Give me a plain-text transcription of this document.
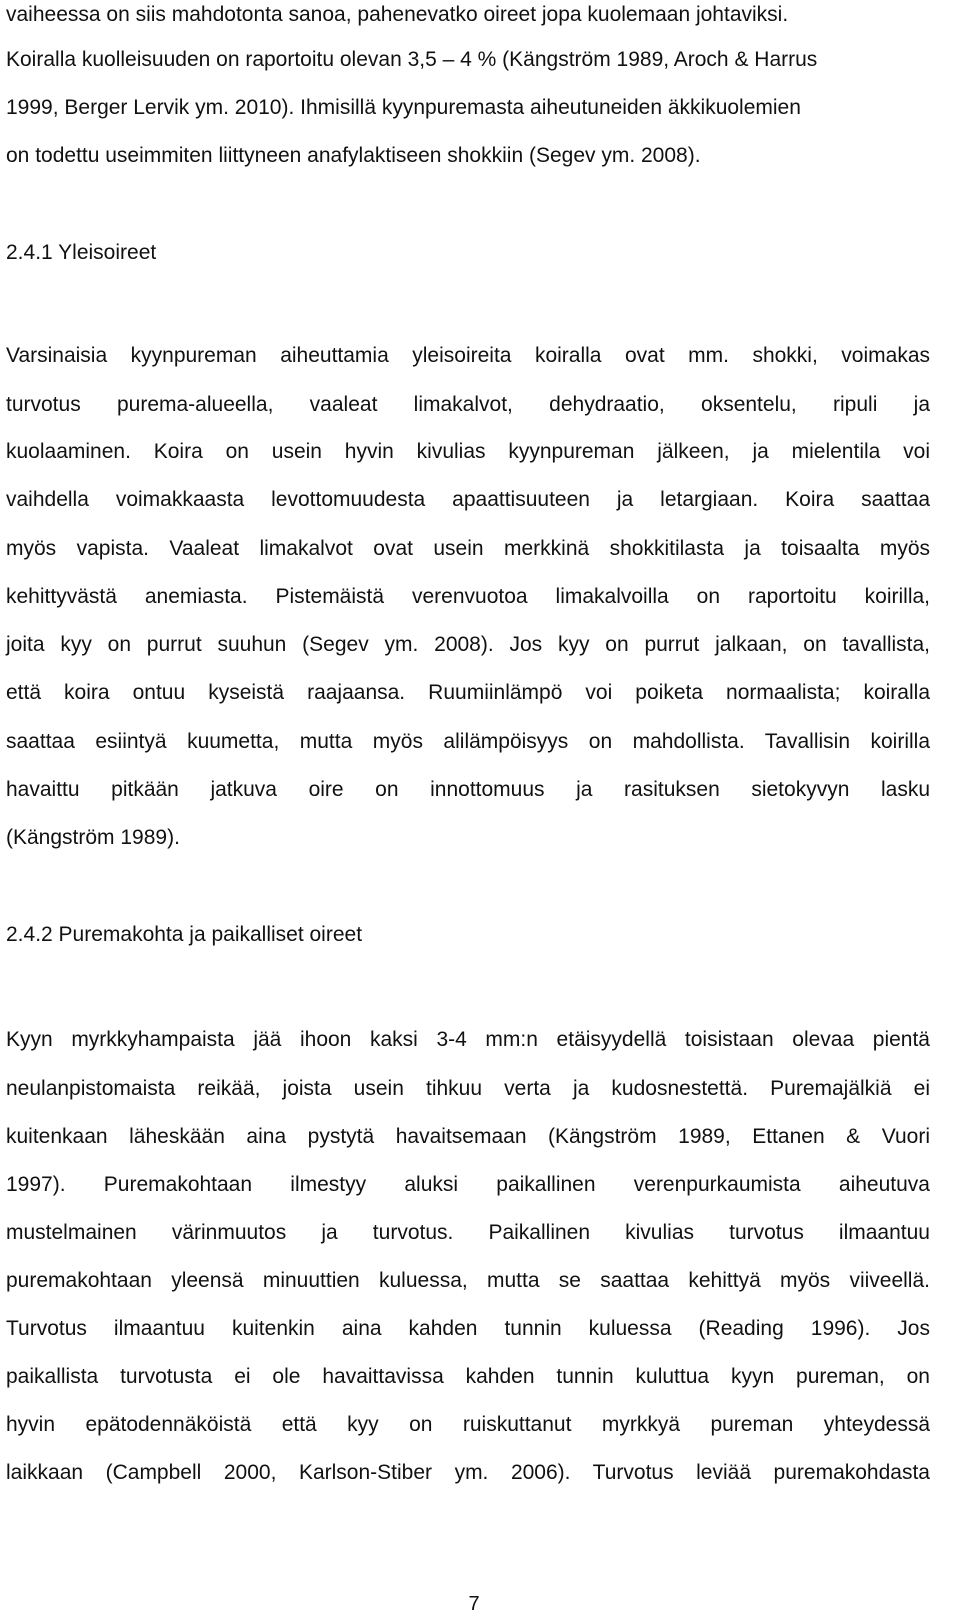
vaiheessa on siis mahdotonta sanoa, pahenevatko oireet jopa kuolemaan johtaviksi.
Koiralla kuolleisuuden on raportoitu olevan 3,5 – 4 % (Kängström 1989, Aroch & Harrus
1999, Berger Lervik ym. 2010). Ihmisillä kyynpuremasta aiheutuneiden äkkikuolemien
on todettu useimmiten liittyneen anafylaktiseen shokkiin (Segev ym. 2008).
2.4.1 Yleisoireet
Varsinaisia kyynpureman aiheuttamia yleisoireita koiralla ovat mm. shokki, voimakas
turvotus purema-alueella, vaaleat limakalvot, dehydraatio, oksentelu, ripuli ja
kuolaaminen. Koira on usein hyvin kivulias kyynpureman jälkeen, ja mielentila voi
vaihdella voimakkaasta levottomuudesta apaattisuuteen ja letargiaan. Koira saattaa
myös vapista. Vaaleat limakalvot ovat usein merkkinä shokkitilasta ja toisaalta myös
kehittyvästä anemiasta. Pistemäistä verenvuotoa limakalvoilla on raportoitu koirilla,
joita kyy on purrut suuhun (Segev ym. 2008). Jos kyy on purrut jalkaan, on tavallista,
että koira ontuu kyseistä raajaansa. Ruumiinlämpö voi poiketa normaalista; koiralla
saattaa esiintyä kuumetta, mutta myös alilämpöisyys on mahdollista. Tavallisin koirilla
havaittu pitkään jatkuva oire on innottomuus ja rasituksen sietokyvyn lasku
(Kängström 1989).
2.4.2 Puremakohta ja paikalliset oireet
Kyyn myrkkyhampaista jää ihoon kaksi 3-4 mm:n etäisyydellä toisistaan olevaa pientä
neulanpistomaista reikää, joista usein tihkuu verta ja kudosnestettä. Puremajälkiä ei
kuitenkaan läheskään aina pystytä havaitsemaan (Kängström 1989, Ettanen & Vuori
1997). Puremakohtaan ilmestyy aluksi paikallinen verenpurkaumista aiheutuva
mustelmainen värinmuutos ja turvotus. Paikallinen kivulias turvotus ilmaantuu
puremakohtaan yleensä minuuttien kuluessa, mutta se saattaa kehittyä myös viiveellä.
Turvotus ilmaantuu kuitenkin aina kahden tunnin kuluessa (Reading 1996). Jos
paikallista turvotusta ei ole havaittavissa kahden tunnin kuluttua kyyn pureman, on
hyvin epätodennäköistä että kyy on ruiskuttanut myrkkyä pureman yhteydessä
laikkaan (Campbell 2000, Karlson-Stiber ym. 2006). Turvotus leviää puremakohdasta
7
